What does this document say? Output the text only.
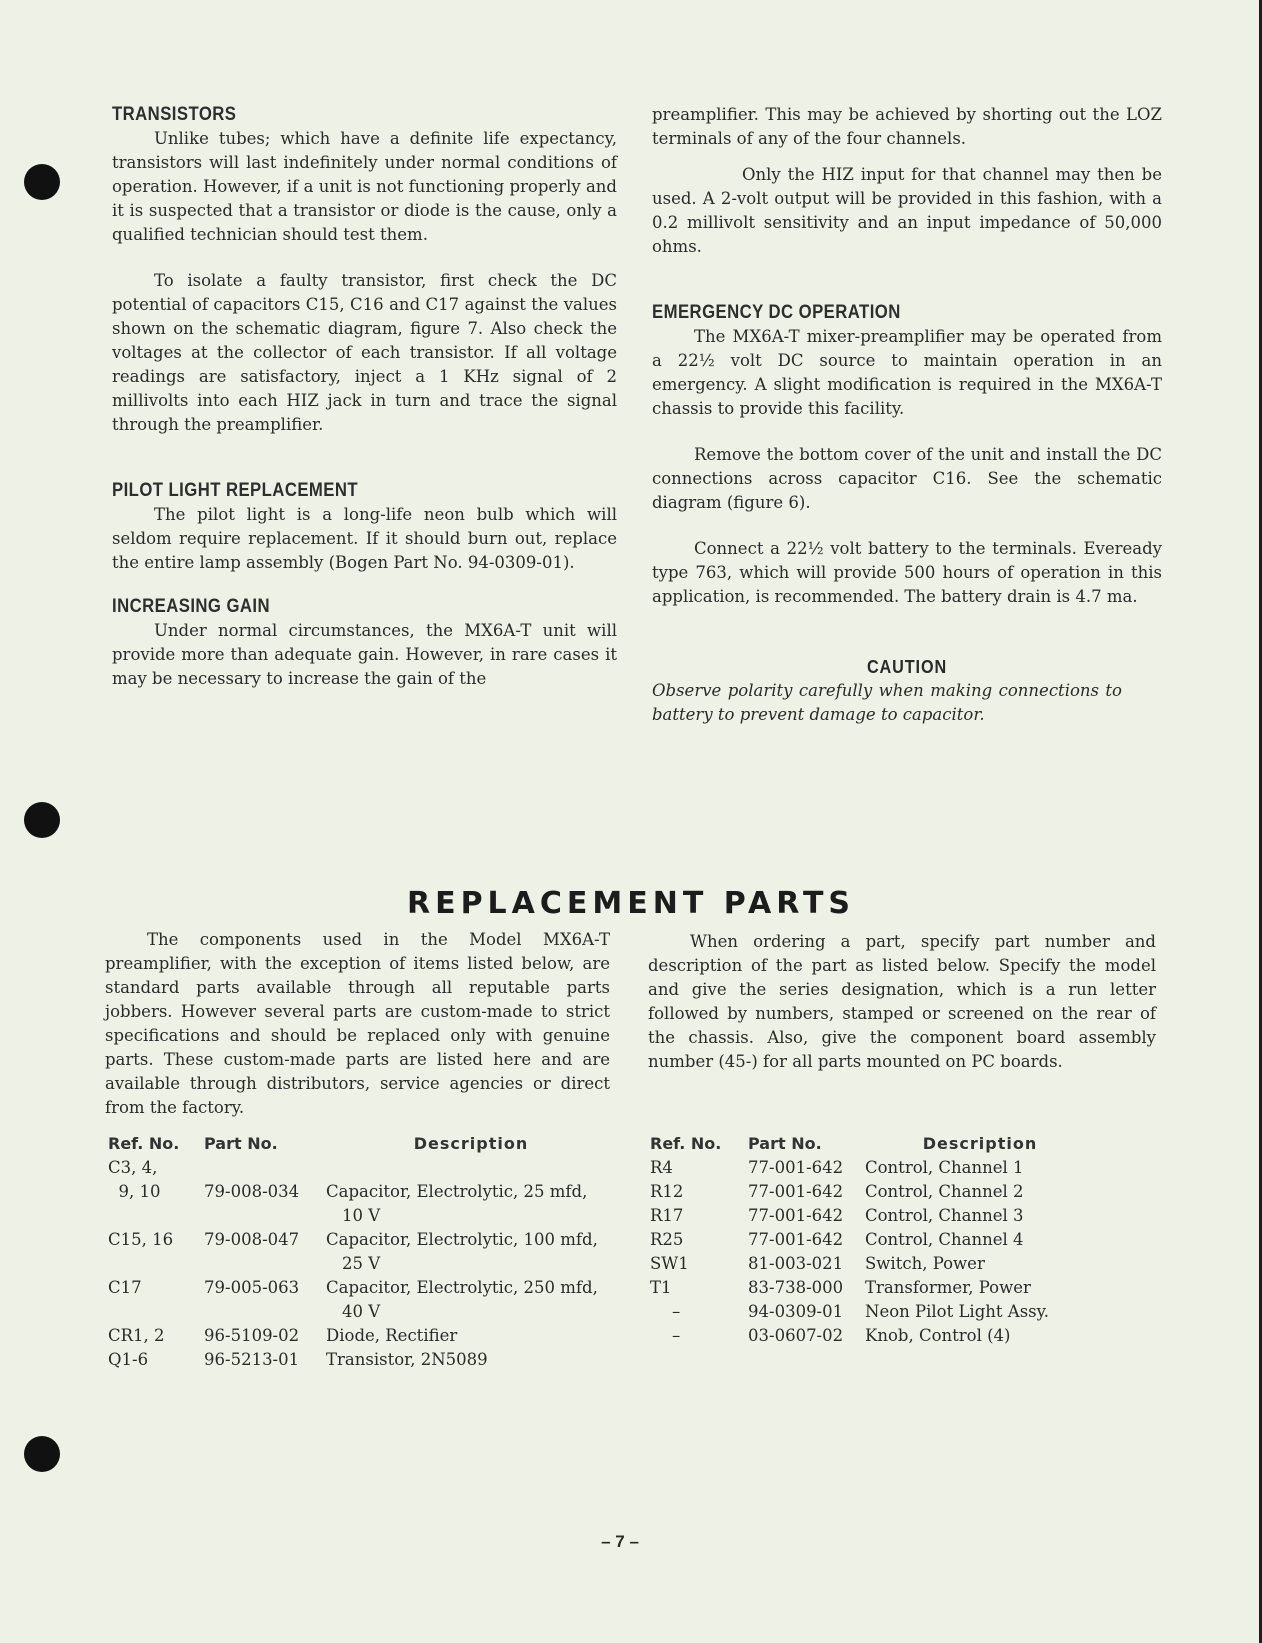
TRANSISTORS

Unlike tubes; which have a definite life expectancy, transistors will last indefinitely under normal conditions of operation. However, if a unit is not functioning properly and it is suspected that a transistor or diode is the cause, only a qualified technician should test them.

To isolate a faulty transistor, first check the DC potential of capacitors C15, C16 and C17 against the values shown on the schematic diagram, figure 7. Also check the voltages at the collector of each transistor. If all voltage readings are satisfactory, inject a 1 KHz signal of 2 millivolts into each HIZ jack in turn and trace the signal through the preamplifier.

PILOT LIGHT REPLACEMENT

The pilot light is a long-life neon bulb which will seldom require replacement. If it should burn out, replace the entire lamp assembly (Bogen Part No. 94-0309-01).

INCREASING GAIN

Under normal circumstances, the MX6A-T unit will provide more than adequate gain. However, in rare cases it may be necessary to increase the gain of the

preamplifier. This may be achieved by shorting out the LOZ terminals of any of the four channels.

Only the HIZ input for that channel may then be used. A 2-volt output will be provided in this fashion, with a 0.2 millivolt sensitivity and an input impedance of 50,000 ohms.

EMERGENCY DC OPERATION

The MX6A-T mixer-preamplifier may be operated from a 22½ volt DC source to maintain operation in an emergency. A slight modification is required in the MX6A-T chassis to provide this facility.

Remove the bottom cover of the unit and install the DC connections across capacitor C16. See the schematic diagram (figure 6).

Connect a 22½ volt battery to the terminals. Eveready type 763, which will provide 500 hours of operation in this application, is recommended. The battery drain is 4.7 ma.

CAUTION

Observe polarity carefully when making connections to battery to prevent damage to capacitor.

REPLACEMENT PARTS

The components used in the Model MX6A-T preamplifier, with the exception of items listed below, are standard parts available through all reputable parts jobbers. However several parts are custom-made to strict specifications and should be replaced only with genuine parts. These custom-made parts are listed here and are available through distributors, service agencies or direct from the factory.

When ordering a part, specify part number and description of the part as listed below. Specify the model and give the series designation, which is a run letter followed by numbers, stamped or screened on the rear of the chassis. Also, give the component board assembly number (45-) for all parts mounted on PC boards.

Ref. No.	Part No.	Description
C3, 4,		

9, 10	79-008-034	Capacitor, Electrolytic, 25 mfd,
10 V

C15, 16	79-008-047	Capacitor, Electrolytic, 100 mfd,
25 V

C17	79-005-063	Capacitor, Electrolytic, 250 mfd,
40 V

CR1, 2	96-5109-02	Diode, Rectifier

Q1-6	96-5213-01	Transistor, 2N5089
Ref. No.	Part No.	Description
R4	77-001-642	Control, Channel 1

R12	77-001-642	Control, Channel 2

R17	77-001-642	Control, Channel 3

R25	77-001-642	Control, Channel 4

SW1	81-003-021	Switch, Power

T1	83-738-000	Transformer, Power

–	94-0309-01	Neon Pilot Light Assy.

–	03-0607-02	Knob, Control (4)
– 7 –
